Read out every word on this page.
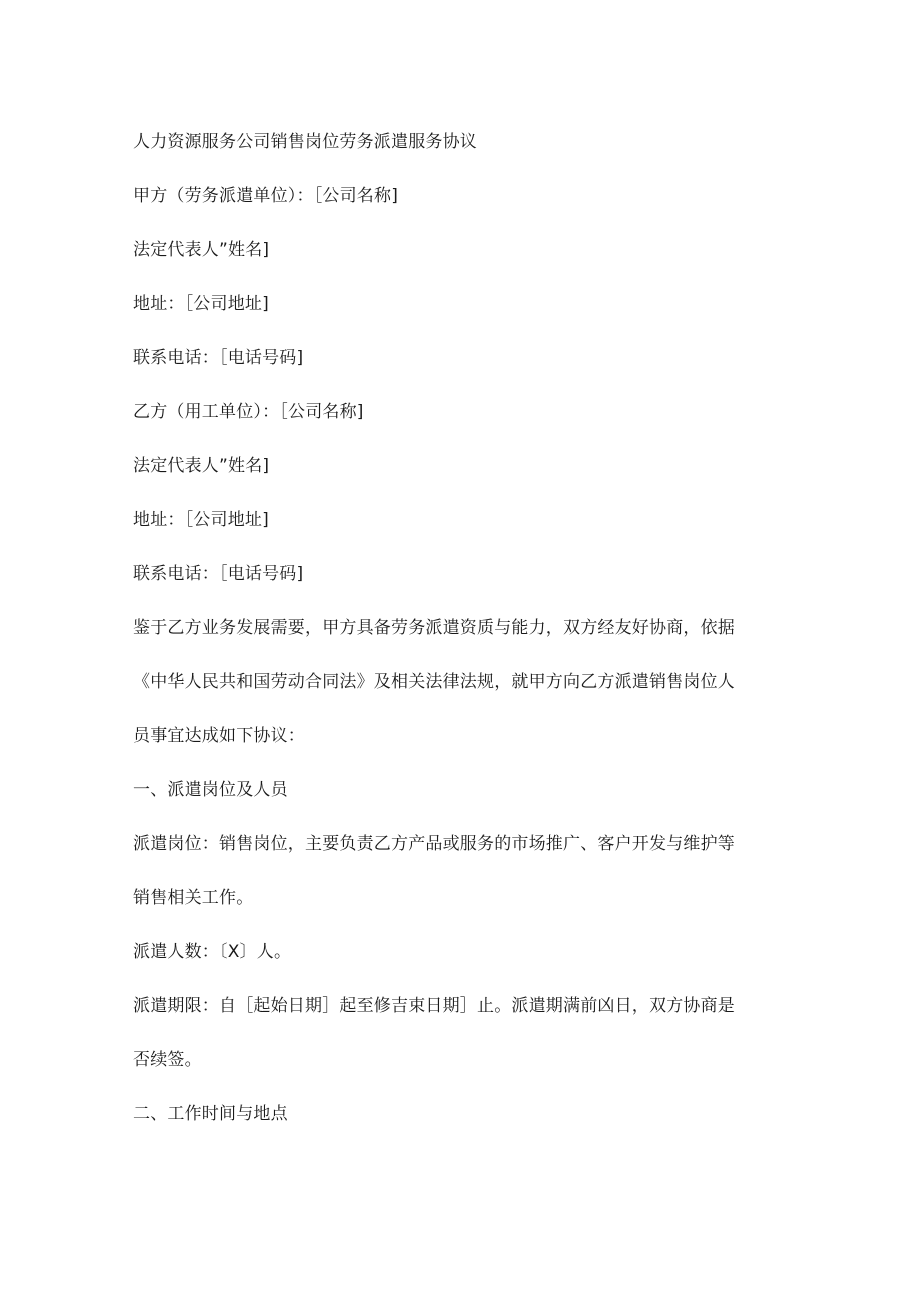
人力资源服务公司销售岗位劳务派遣服务协议
甲方（劳务派遣单位）：［公司名称]
法定代表人”姓名]
地址：［公司地址]
联系电话：［电话号码]
乙方（用工单位）：［公司名称]
法定代表人”姓名]
地址：［公司地址]
联系电话：［电话号码]
鉴于乙方业务发展需要，甲方具备劳务派遣资质与能力，双方经友好协商，依据
《中华人民共和国劳动合同法》及相关法律法规，就甲方向乙方派遣销售岗位人
员事宜达成如下协议：
一、派遣岗位及人员
派遣岗位：销售岗位，主要负责乙方产品或服务的市场推广、客户开发与维护等
销售相关工作。
派遣人数：〔X〕人。
派遣期限：自［起始日期］起至修吉束日期］止。派遣期满前凶日，双方协商是
否续签。
二、工作时间与地点
